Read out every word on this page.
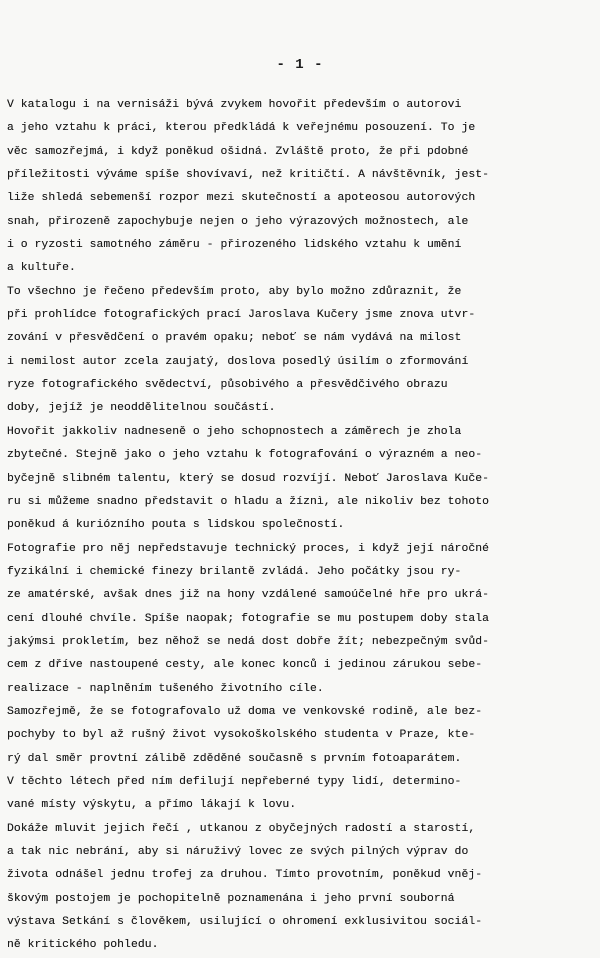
- 1 -
V katalogu i na vernisáži bývá zvykem hovořit především o autorovi
a jeho vztahu k práci, kterou předkládá k veřejnému posouzení. To je
věc samozřejmá, i když poněkud ošidná. Zvláště proto, že při pdobné
příležitosti výváme spíše shovívaví, než kritičtí. A návštěvník, jest-
liže shledá sebemenší rozpor mezi skutečností a apoteosou autorových
snah, přirozeně zapochybuje nejen o jeho výrazových možnostech, ale
i o ryzosti samotného záměru - přirozeného lidského vztahu k umění
a kultuře.
To všechno je řečeno především proto, aby bylo možno zdůraznit, že
při prohlídce fotografických prací Jaroslava Kučery jsme znova utvr-
zování v přesvědčení o pravém opaku; neboť se nám vydává na milost
i nemilost autor zcela zaujatý, doslova posedlý úsilím o zformování
ryze fotografického svědectví, působivého a přesvědčivého obrazu
doby, jejíž je neoddělitelnou součástí.
Hovořit jakkoliv nadneseně o jeho schopnostech a záměrech je zhola
zbytečné. Stejně jako o jeho vztahu k fotografování o výrazném a neo-
byčejně slibném talentu, který se dosud rozvíjí. Neboť Jaroslava Kuče-
ru si můžeme snadno představit o hladu a žíznì, ale nikoliv bez tohoto
poněkud á kuriózního pouta s lidskou společností.
Fotografie pro něj nepředstavuje technický proces, i když její náročné
fyzikální i chemické finezy brilantě zvládá. Jeho počátky jsou ry-
ze amatérské, avšak dnes již na hony vzdálené samoúčelné hře pro ukrá-
cení dlouhé chvíle. Spíše naopak; fotografie se mu postupem doby stala
jakýmsi prokletím, bez něhož se nedá dost dobře žít; nebezpečným svůd-
cem z dříve nastoupené cesty, ale konec konců i jedinou zárukou sebe-
realizace - naplněním tušeného životního cíle.
Samozřejmě, že se fotografovalo už doma ve venkovské rodině, ale bez-
pochyby to byl až rušný život vysokoškolského studenta v Praze, kte-
rý dal směr provtní zálibě zděděné současně s prvním fotoaparátem.
V těchto létech před ním defilují nepřeberné typy lidí, determino-
vané místy výskytu, a přímo lákají k lovu.
Dokáže mluvit jejich řečí , utkanou z obyčejných radostí a starostí,
a tak nic nebrání, aby si náruživý lovec ze svých pilných výprav do
života odnášel jednu trofej za druhou. Tímto provotním, poněkud vněj-
škovým postojem je pochopitelně poznamenána i jeho první souborná
výstava Setkání s člověkem, usilující o ohromení exklusivitou sociál-
ně kritického pohledu.
